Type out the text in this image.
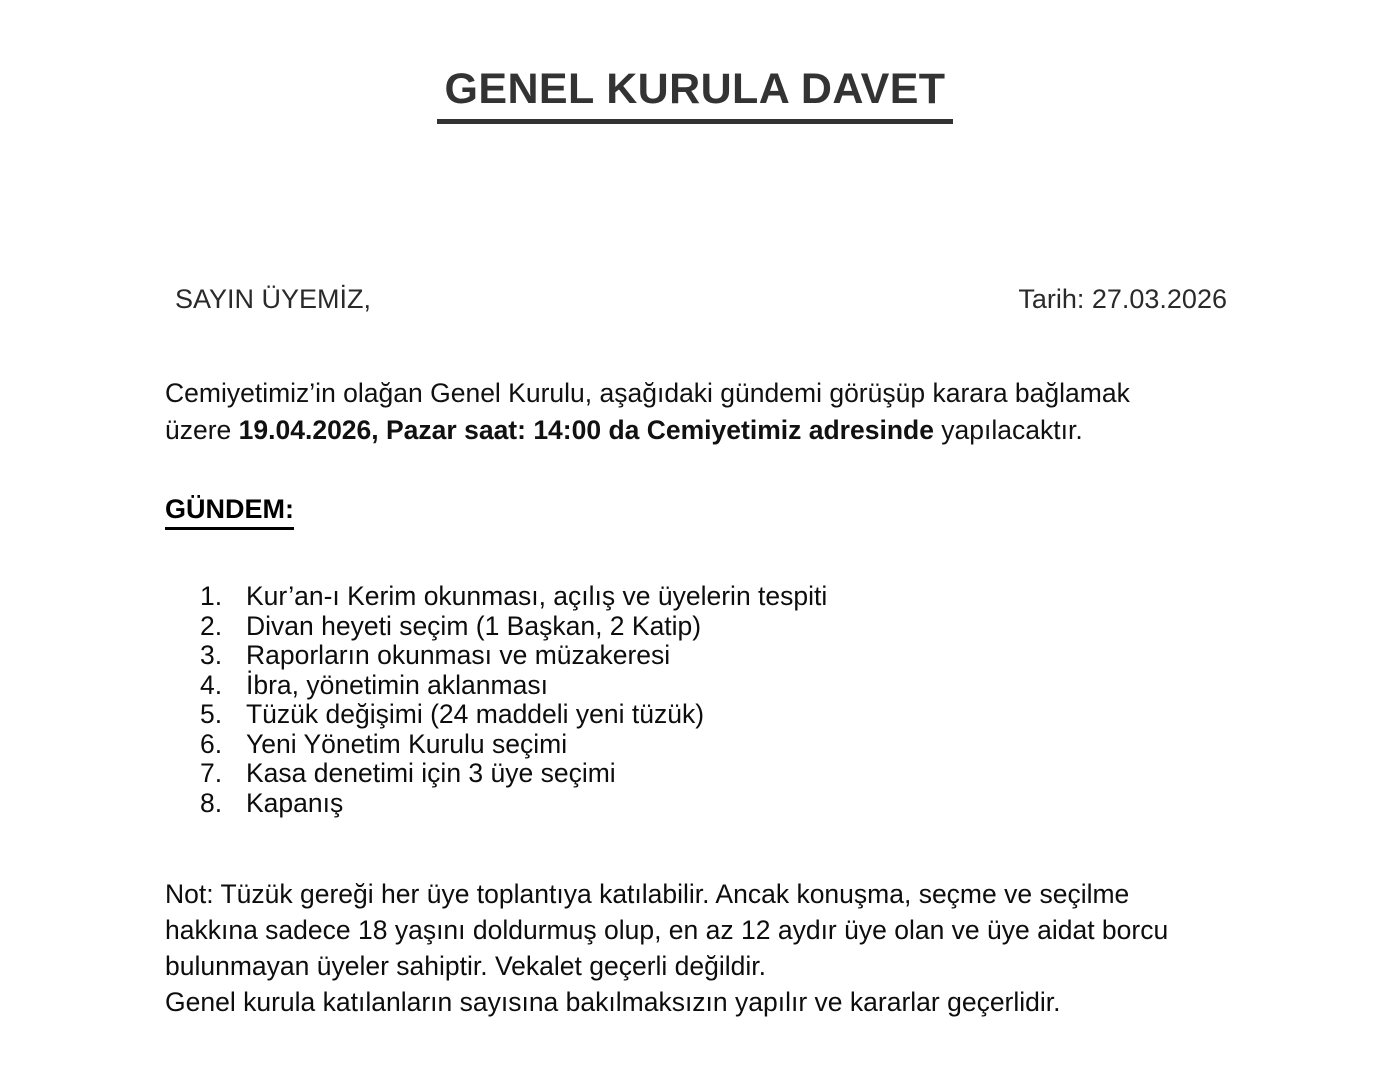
GENEL KURULA DAVET
SAYIN ÜYEMİZ,	Tarih: 27.03.2026
Cemiyetimiz’in olağan Genel Kurulu, aşağıdaki gündemi görüşüp karara bağlamak üzere 19.04.2026, Pazar saat: 14:00 da Cemiyetimiz adresinde yapılacaktır.
GÜNDEM:
1. Kur’an-ı Kerim okunması, açılış ve üyelerin tespiti
2. Divan heyeti seçim (1 Başkan, 2 Katip)
3. Raporların okunması ve müzakeresi
4. İbra, yönetimin aklanması
5. Tüzük değişimi (24 maddeli yeni tüzük)
6. Yeni Yönetim Kurulu seçimi
7. Kasa denetimi için 3 üye seçimi
8. Kapanış

Not: Tüzük gereği her üye toplantıya katılabilir. Ancak konuşma, seçme ve seçilme hakkına sadece 18 yaşını doldurmuş olup, en az 12 aydır üye olan ve üye aidat borcu bulunmayan üyeler sahiptir. Vekalet geçerli değildir.

Genel kurula katılanların sayısına bakılmaksızın yapılır ve kararlar geçerlidir.
